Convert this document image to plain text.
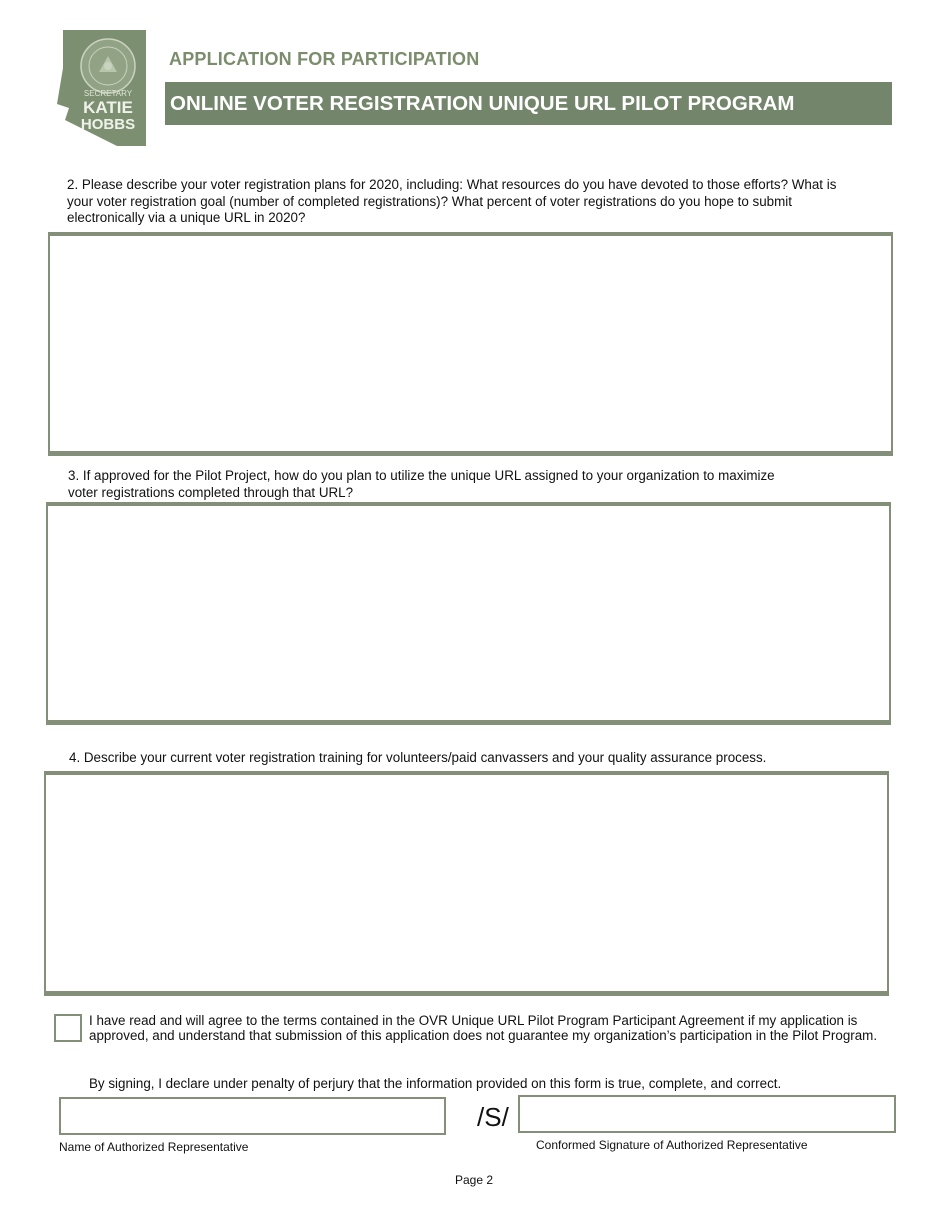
SECRETARY
KATIE
HOBBS
APPLICATION FOR PARTICIPATION
ONLINE VOTER REGISTRATION UNIQUE URL PILOT PROGRAM
2. Please describe your voter registration plans for 2020, including: What resources do you have devoted to those efforts? What is
your voter registration goal (number of completed registrations)? What percent of voter registrations do you hope to submit
electronically via a unique URL in 2020?
3. If approved for the Pilot Project, how do you plan to utilize the unique URL assigned to your organization to maximize
voter registrations completed through that URL?
4. Describe your current voter registration training for volunteers/paid canvassers and your quality assurance process.
I have read and will agree to the terms contained in the OVR Unique URL Pilot Program Participant Agreement if my application is approved, and understand that submission of this application does not guarantee my organization’s participation in the Pilot Program.
By signing, I declare under penalty of perjury that the information provided on this form is true, complete, and correct.
Name of Authorized Representative
/S/
Conformed Signature of Authorized Representative
Page 2
